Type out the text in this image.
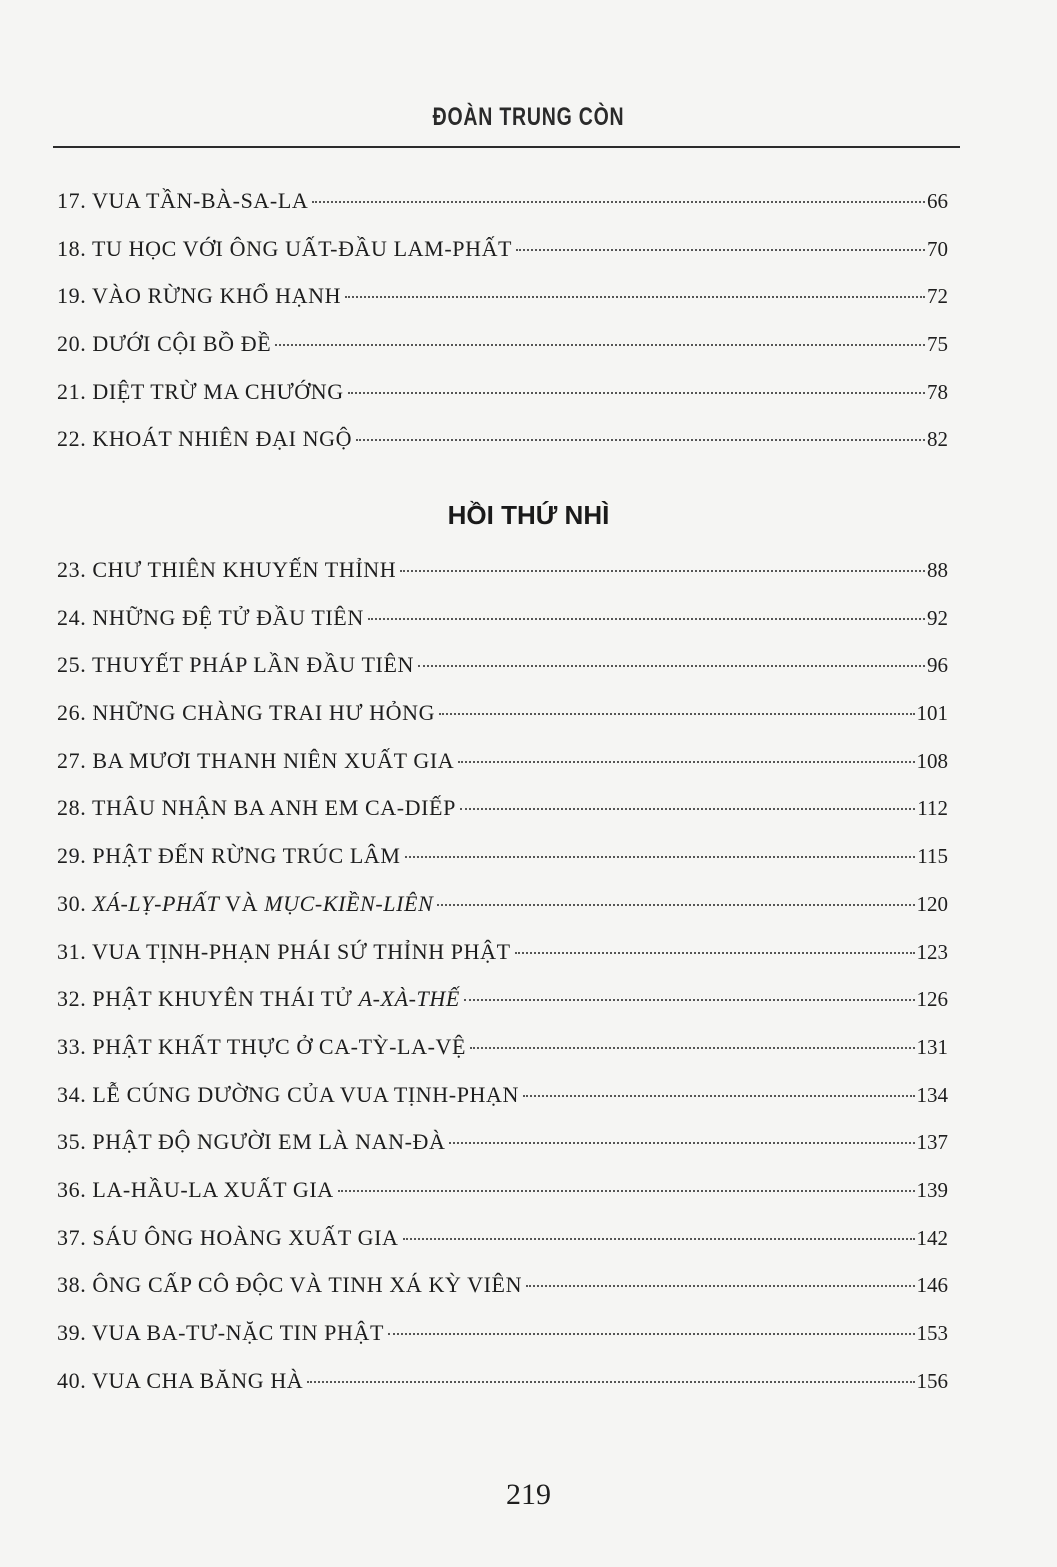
ĐOÀN TRUNG CÒN
17. VUA TẦN-BÀ-SA-LA	66
18. TU HỌC VỚI ÔNG UẤT-ĐẦU LAM-PHẤT	70
19. VÀO RỪNG KHỔ HẠNH	72
20. DƯỚI CỘI BỒ ĐỀ	75
21. DIỆT TRỪ MA CHƯỚNG	78
22. KHOÁT NHIÊN ĐẠI NGỘ	82
HỒI THỨ NHÌ
23. CHƯ THIÊN KHUYẾN THỈNH	88
24. NHỮNG ĐỆ TỬ ĐẦU TIÊN	92
25. THUYẾT PHÁP LẦN ĐẦU TIÊN	96
26. NHỮNG CHÀNG TRAI HƯ HỎNG	101
27. BA MƯƠI THANH NIÊN XUẤT GIA	108
28. THÂU NHẬN BA ANH EM CA-DIẾP	112
29. PHẬT ĐẾN RỪNG TRÚC LÂM	115
30. XÁ-LỴ-PHẤT VÀ MỤC-KIỀN-LIÊN	120
31. VUA TỊNH-PHẠN PHÁI SỨ THỈNH PHẬT	123
32. PHẬT KHUYÊN THÁI TỬ A-XÀ-THẾ	126
33. PHẬT KHẤT THỰC Ở CA-TỲ-LA-VỆ	131
34. LỄ CÚNG DƯỜNG CỦA VUA TỊNH-PHẠN	134
35. PHẬT ĐỘ NGƯỜI EM LÀ NAN-ĐÀ	137
36. LA-HẦU-LA XUẤT GIA	139
37. SÁU ÔNG HOÀNG XUẤT GIA	142
38. ÔNG CẤP CÔ ĐỘC VÀ TINH XÁ KỲ VIÊN	146
39. VUA BA-TƯ-NẶC TIN PHẬT	153
40. VUA CHA BĂNG HÀ	156
219
